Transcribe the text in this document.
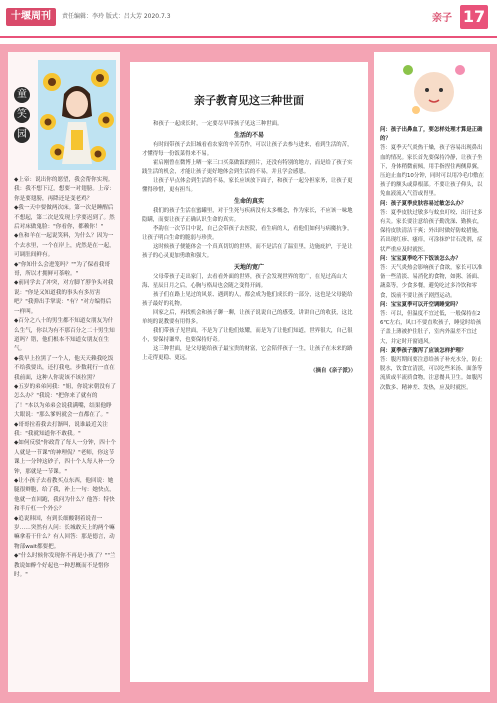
十堰周刊	责任编辑：李玲 版式：吕大芳 2020.7.3	亲子 17
童
笑
园

◆上帝：说出你的愿望，我会帮你实现。我：我不想下辽，想要一对翅膀。上帝：你是要翅膀，再降还是变老鸡？

◆我一天中要做两次床。第一次是睡醒后不想起，第二次是发现上学要迟到了。然后对床做鬼脸："你看你，都赖你！"

◆鱼和羊在一起说笑料，为什么？因为一个去水里，一个在岸上，虎然是在一起，可调肚间鲜有。

◆"你知什么会进笼吗？""为了保看我哥哥，所以才拥鲜可茶啦。"

◆前同学去了冲突，对方脚丫脖争头对我说："你是又知道我的事头有多厉害吧？"我弹出手掌说："有？"对方编得后一样叫。

◆百分之八十的男生都不知道女朋友为什么生气，你以为有不那百分之二十男生知道吗？错，他们根本不知道女朋友在生气。

◆我早上拉黑了一个人，他天天赖我吃饭不给我要出，还打我电，步数耗行一直在我前面，这种人你说该不该拉黑？

◆五岁的弟弟问我："姐，你说宋朝没有了怎么办？"我说："把你来了就有的了！"本以为弟弟会说我满嘴，结果他睁大眼说："那么爹妈就会一直都在了。"

◆哥哥拉着我去打渐叫，说谁最近关注我："我就知道你不敢我。"

◆如何反驳"你政背了每人一分钟，四十个人就是一节课"的神理侃？"老师，你这节课上一分钟这砂子，四十个人每人补一分钟，那就是一节课。"

◆让小孩子去看教买点东西，他回说：她腿很辫胞，给了我，补上一句：她快点，他就一直回跑，我问为什么？他答：特快和半斤杠一个外公？

◆追说韩国，有到长细酸钢着说青一岁……突然有人问：长城敢天上的两个嘛嘛拿着干什么？有人回答：那是德言，动物部wait都要把。

◆"什么时候你发现你不再是小孩了？""兰教说如醉个好起也一种思概而不是惜你时。"

亲子教育见这三种世面

和孩子一起成长时，一定要尽早带孩子见这三种世面。

生活的不易

有时间带孩子去旧城看看农家的辛苦劳作，可以让孩子去参与进来，看到生活的苦，才懂得每一份饭菜得来不易。

霍启刚曾在微博上晒一家三口买菜做饭的照片，还没有特别的地方，而是给了孩子实践生活的机会，才能让孩子更好地体会到生活的不易，并且学会感恩。

让孩子早点体会到生活的不易，家长应该放下面子，和孩子一起分担家务，让孩子更懂得珍惜，更有担当。

生命的真实

我们的孩子生活在蜜罐里，对于生死与疾病没有太多概念，作为家长，不应该一味地隐瞒，而要让孩子正确认识生命的真实。

李韵在一次节目中说，自己会带孩子去医院，看生病的人，看他们如何与病魔抗争，让孩子明白生命的脆弱与珍贵。

这时候孩子便能体会一个真真切切的世界，而不是活在了温室里，边施庇护，于是让孩子的心灵更加勇敢和强大。

天地的宽广

父母带孩子走出家门，去看看外面的世界，孩子会发现世界的宽广，在见过高山大海、星辰日月之后，心胸与格局也会随之变得开阔。

孩子们在路上见过的风景、遇到的人，都会成为他们成长的一部分，这也是父母能给孩子最好的礼物。

回家之后，再找机会和孩子聊一聊，让孩子说说自己的感受，讲讲自己的收获，这比单纯的说教要有用得多。

我们带孩子见世面，不是为了让他们炫耀，而是为了让他们知道，世界很大，自己很小，要保持谦卑，也要保持好奇。

这三种世面，是父母能给孩子最宝贵的财富，它会陪伴孩子一生，让孩子在未来的路上走得更稳、更远。

（摘自《亲子派》）

问：孩子出鼻血了，要怎样处理才算是正确的？

答：夏季天气炎热干燥，孩子容易出现鼻出血的情况。家长首先要保持冷静，让孩子坐下，身体稍微前倾，用手指捏住两侧鼻翼，压迫止血约10分钟，同时可以用冷毛巾敷在孩子的额头或鼻根部。不要让孩子仰头，以免血液流入气管或胃里。

问：孩子夏季皮肤容易过敏怎么办？

答：夏季皮肤过敏多与蚊虫叮咬、出汗过多有关。家长要注意给孩子勤洗澡、勤换衣，保持皮肤清洁干爽；外出时做好防蚊措施，若出现红疹、瘙痒，可涂抹炉甘石洗剂，症状严重应及时就医。

问：宝宝夏季吃不下饭该怎么办？

答：天气炎热会影响孩子食欲，家长可以准备一些清淡、易消化的食物，如粥、汤面、蔬菜等，少食多餐，避免吃过多冷饮和零食，饭前不要让孩子剧烈运动。

问：宝宝夏季可以开空调睡觉吗？

答：可以，但温度不宜过低，一般保持在26℃左右，风口不要直吹孩子，睡觉时给孩子盖上薄被护住肚子，室内外温差不宜过大，并定时开窗通风。

问：夏季孩子腹泻了应该怎样护理？

答：腹泻期间要注意给孩子补充水分，防止脱水，饮食宜清淡，可以吃些米汤、面条等流质或半流质食物，注意餐具卫生。如腹泻次数多、精神差、发热，应及时就医。
